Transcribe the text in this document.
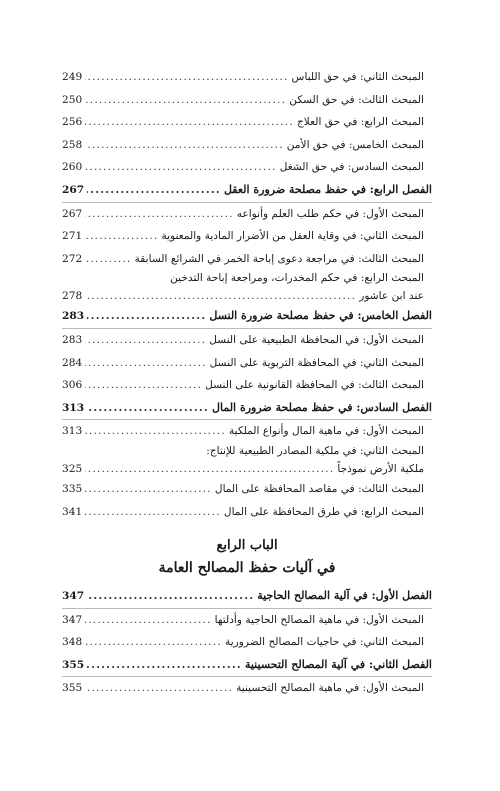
المبحث الثاني: في حق اللباس
.....
249
المبحث الثالث: في حق السكن
.....
250
المبحث الرابع: في حق العلاج
.....
256
المبحث الخامس: في حق الأمن
.....
258
المبحث السادس: في حق الشغل
.....
260
الفصل الرابع: في حفظ مصلحة ضرورة العقل
.....
267
المبحث الأول: في حكم طلب العلم وأنواعه
.....
267
المبحث الثاني: في وقاية العقل من الأضرار المادية والمعنوية
.....
271
المبحث الثالث: في مراجعة دعوى إباحة الخمر في الشرائع السابقة
.....
272
المبحث الرابع: في حكم المخدرات، ومراجعة إباحة التدخين
عند ابن عاشور
.....
278
الفصل الخامس: في حفظ مصلحة ضرورة النسل
.....
283
المبحث الأول: في المحافظة الطبيعية على النسل
.....
283
المبحث الثاني: في المحافظة التربوية على النسل
.....
284
المبحث الثالث: في المحافظة القانونية على النسل
.....
306
الفصل السادس: في حفظ مصلحة ضرورة المال
.....
313
المبحث الأول: في ماهية المال وأنواع الملكية
.....
313
المبحث الثاني: في ملكية المصادر الطبيعية للإنتاج:
ملكية الأرض نموذجاً
.....
325
المبحث الثالث: في مقاصد المحافظة على المال
.....
335
المبحث الرابع: في طرق المحافظة على المال
.....
341
الباب الرابع
في آليات حفظ المصالح العامة
الفصل الأول: في آلية المصالح الحاجية
.....
347
المبحث الأول: في ماهية المصالح الحاجية وأدلتها
.....
347
المبحث الثاني: في حاجيات المصالح الضرورية
.....
348
الفصل الثاني: في آلية المصالح التحسينية
.....
355
المبحث الأول: في ماهية المصالح التحسينية
.....
355
